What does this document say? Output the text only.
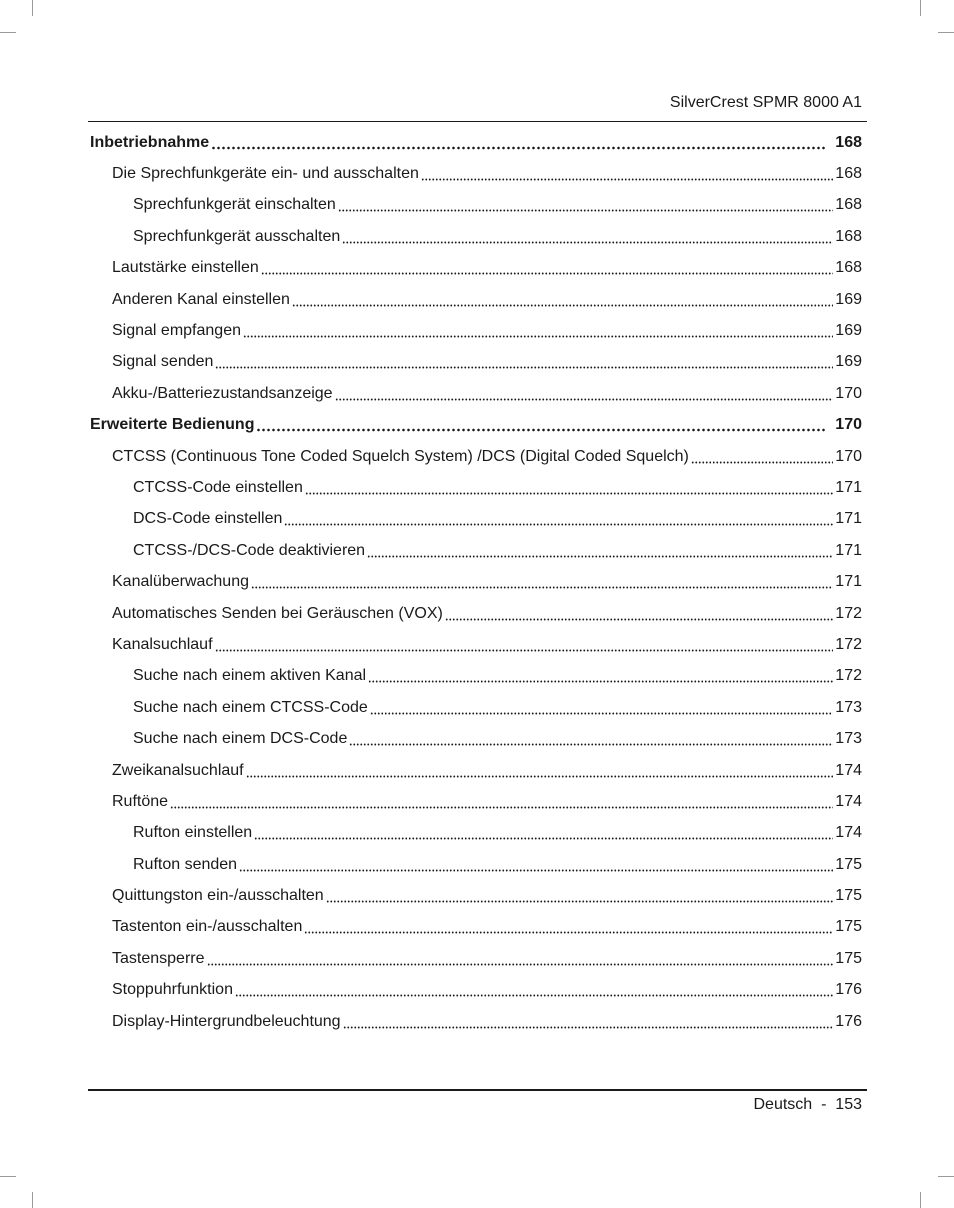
SilverCrest SPMR 8000 A1
Inbetriebnahme	168
Die Sprechfunkgeräte ein- und ausschalten	168
Sprechfunkgerät einschalten	168
Sprechfunkgerät ausschalten	168
Lautstärke einstellen	168
Anderen Kanal einstellen	169
Signal empfangen	169
Signal senden	169
Akku-/Batteriezustandsanzeige	170
Erweiterte Bedienung	170
CTCSS (Continuous Tone Coded Squelch System) /DCS (Digital Coded Squelch)	170
CTCSS-Code einstellen	171
DCS-Code einstellen	171
CTCSS-/DCS-Code deaktivieren	171
Kanalüberwachung	171
Automatisches Senden bei Geräuschen (VOX)	172
Kanalsuchlauf	172
Suche nach einem aktiven Kanal	172
Suche nach einem CTCSS-Code	173
Suche nach einem DCS-Code	173
Zweikanalsuchlauf	174
Ruftöne	174
Rufton einstellen	174
Rufton senden	175
Quittungston ein-/ausschalten	175
Tastenton ein-/ausschalten	175
Tastensperre	175
Stoppuhrfunktion	176
Display-Hintergrundbeleuchtung	176
Deutsch - 153
